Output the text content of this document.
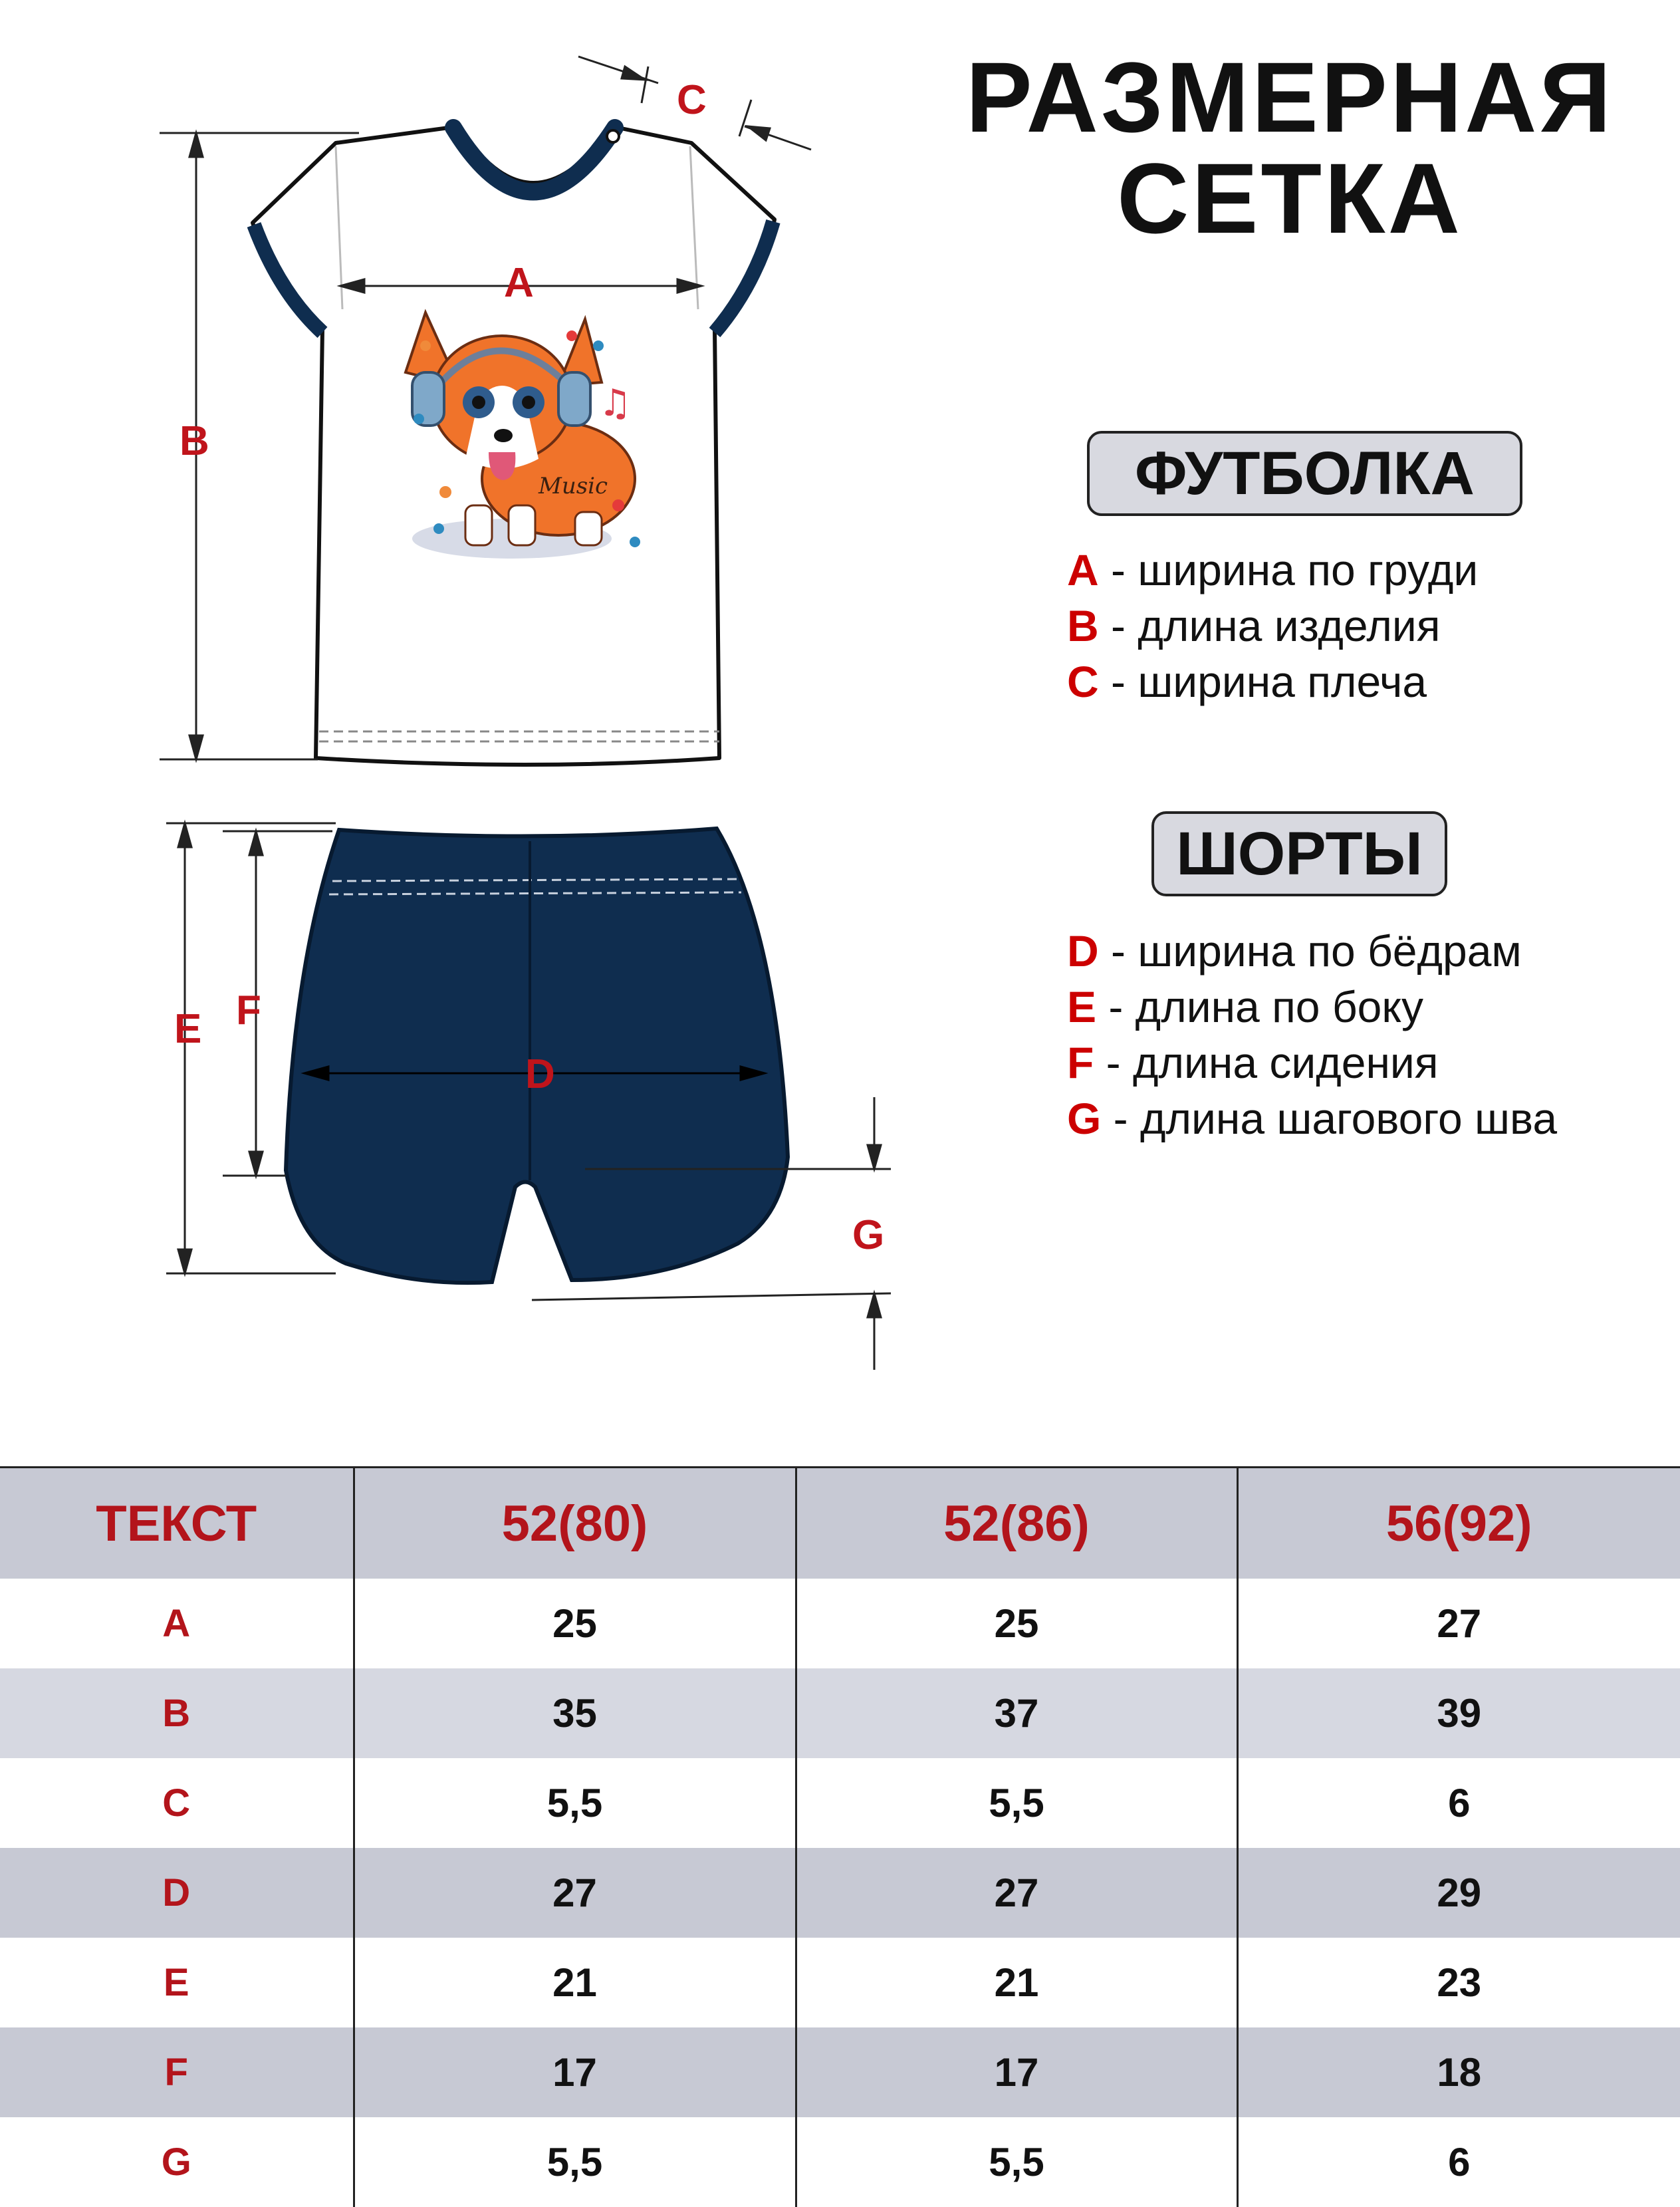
РАЗМЕРНАЯ
СЕТКА
Music
♫
A
B
C
D
E F
G
ФУТБОЛКА
A - ширина по груди
B - длина изделия
C - ширина плеча
ШОРТЫ
D - ширина по бёдрам
E - длина по боку
F - длина сидения
G - длина шагового шва
ТЕКСТ	52(80)	52(86)	56(92)
A	25	25	27
B	35	37	39
C	5,5	5,5	6
D	27	27	29
E	21	21	23
F	17	17	18
G	5,5	5,5	6
